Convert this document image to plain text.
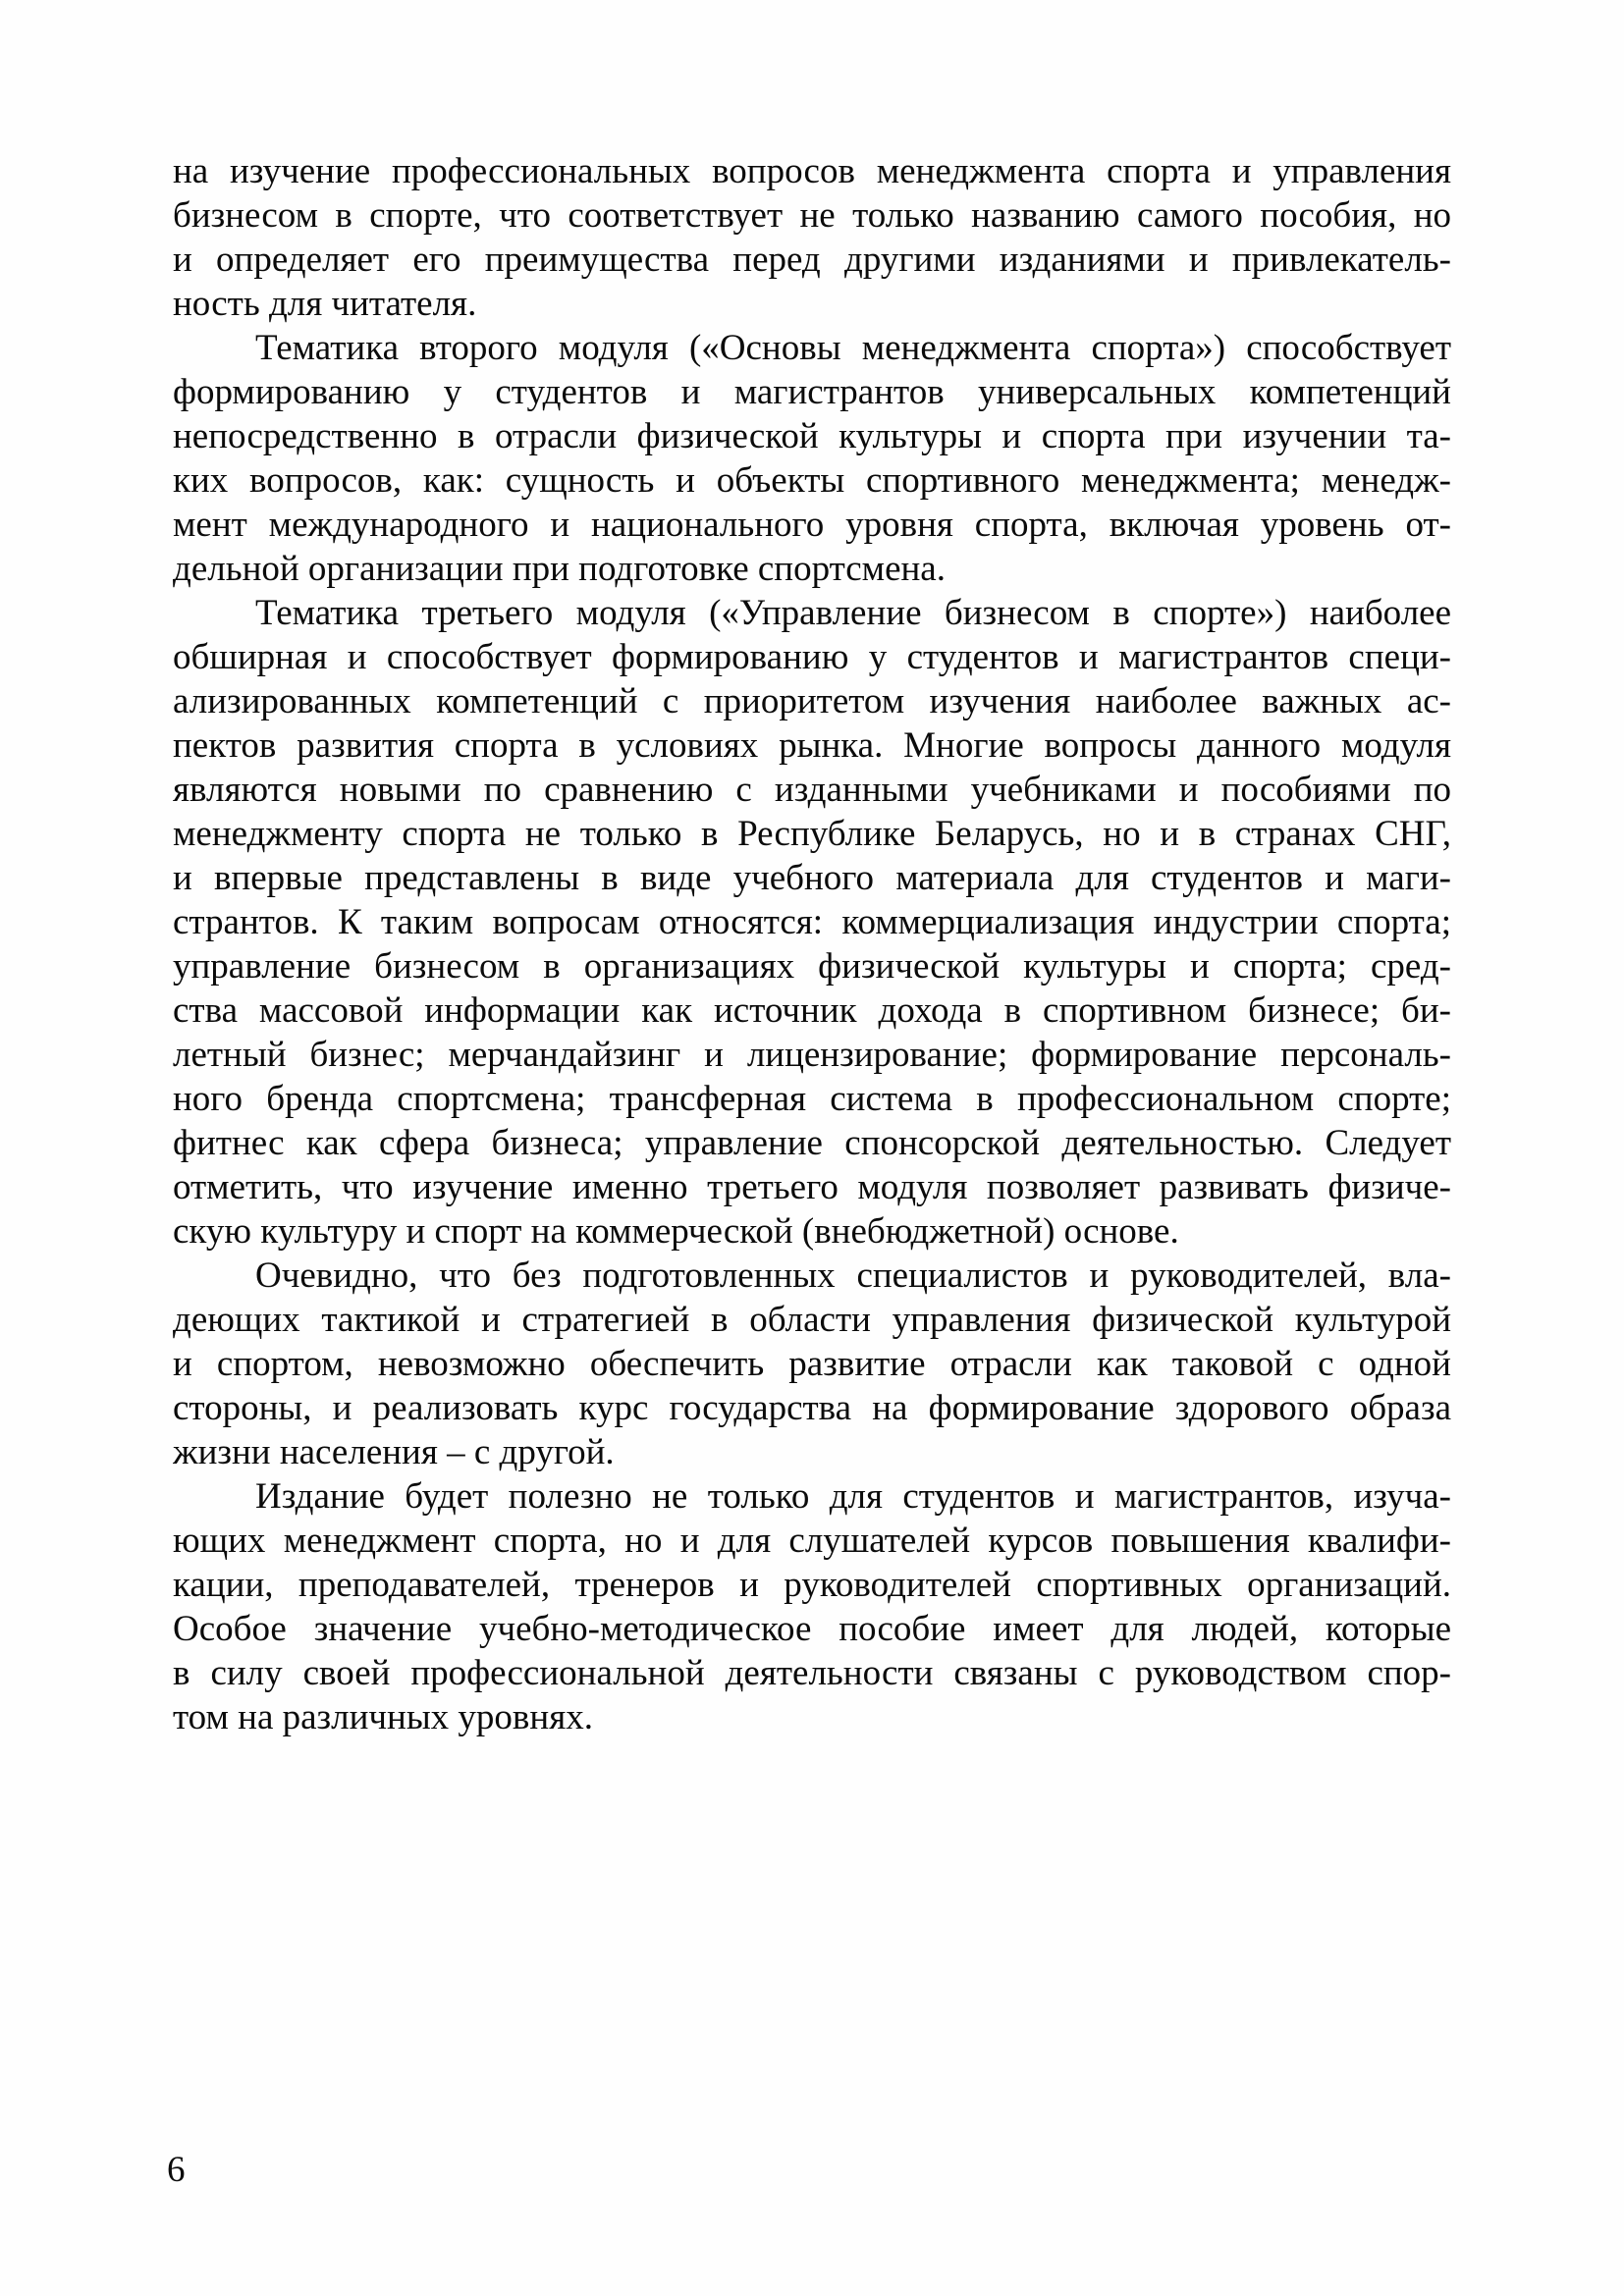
на изучение профессиональных вопросов менеджмента спорта и управления
бизнесом в спорте, что соответствует не только названию самого пособия, но
и определяет его преимущества перед другими изданиями и привлекатель-
ность для читателя.
Тематика второго модуля («Основы менеджмента спорта») способствует
формированию у студентов и магистрантов универсальных компетенций
непосредственно в отрасли физической культуры и спорта при изучении та-
ких вопросов, как: сущность и объекты спортивного менеджмента; менедж-
мент международного и национального уровня спорта, включая уровень от-
дельной организации при подготовке спортсмена.
Тематика третьего модуля («Управление бизнесом в спорте») наиболее
обширная и способствует формированию у студентов и магистрантов специ-
ализированных компетенций с приоритетом изучения наиболее важных ас-
пектов развития спорта в условиях рынка. Многие вопросы данного модуля
являются новыми по сравнению с изданными учебниками и пособиями по
менеджменту спорта не только в Республике Беларусь, но и в странах СНГ,
и впервые представлены в виде учебного материала для студентов и маги-
странтов. К таким вопросам относятся: коммерциализация индустрии спорта;
управление бизнесом в организациях физической культуры и спорта; сред-
ства массовой информации как источник дохода в спортивном бизнесе; би-
летный бизнес; мерчандайзинг и лицензирование; формирование персональ-
ного бренда спортсмена; трансферная система в профессиональном спорте;
фитнес как сфера бизнеса; управление спонсорской деятельностью. Следует
отметить, что изучение именно третьего модуля позволяет развивать физиче-
скую культуру и спорт на коммерческой (внебюджетной) основе.
Очевидно, что без подготовленных специалистов и руководителей, вла-
деющих тактикой и стратегией в области управления физической культурой
и спортом, невозможно обеспечить развитие отрасли как таковой с одной
стороны, и реализовать курс государства на формирование здорового образа
жизни населения – с другой.
Издание будет полезно не только для студентов и магистрантов, изуча-
ющих менеджмент спорта, но и для слушателей курсов повышения квалифи-
кации, преподавателей, тренеров и руководителей спортивных организаций.
Особое значение учебно-методическое пособие имеет для людей, которые
в силу своей профессиональной деятельности связаны с руководством спор-
том на различных уровнях.
6
